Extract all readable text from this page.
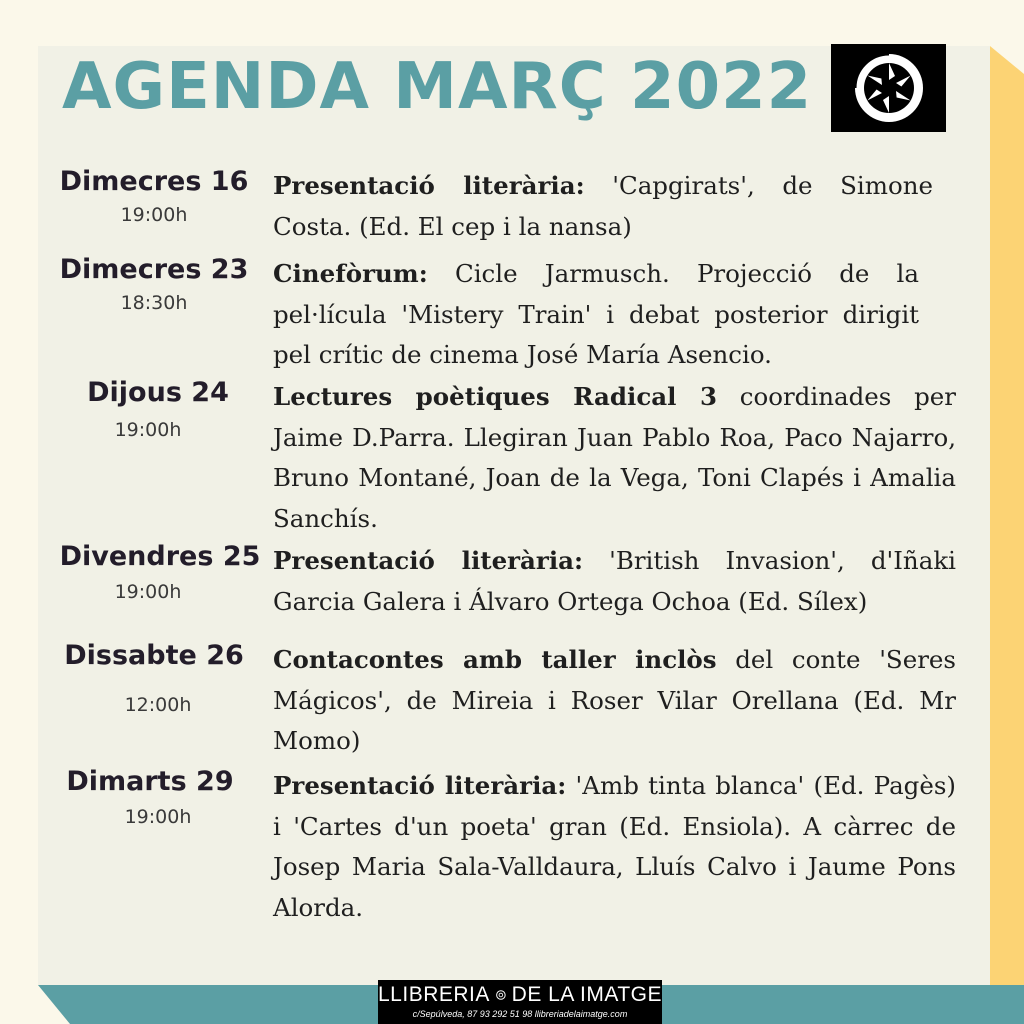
AGENDA MARÇ 2022
Dimecres 16
19:00h
Presentació literària: 'Capgirats', de Simone Costa. (Ed. El cep i la nansa)
Dimecres 23
18:30h
Cinefòrum: Cicle Jarmusch. Projecció de la pel·lícula 'Mistery Train' i debat posterior dirigit pel crític de cinema José María Asencio.
Dijous 24
19:00h
Lectures poètiques Radical 3 coordinades per Jaime D.Parra. Llegiran Juan Pablo Roa, Paco Najarro, Bruno Montané, Joan de la Vega, Toni Clapés i Amalia Sanchís.
Divendres 25
19:00h
Presentació literària: 'British Invasion', d'Iñaki Garcia Galera i Álvaro Ortega Ochoa (Ed. Sílex)
Dissabte 26
12:00h
Contacontes amb taller inclòs del conte 'Seres Mágicos', de Mireia i Roser Vilar Orellana (Ed. Mr Momo)
Dimarts 29
19:00h
Presentació literària: 'Amb tinta blanca' (Ed. Pagès) i 'Cartes d'un poeta' gran (Ed. Ensiola). A càrrec de Josep Maria Sala-Valldaura, Lluís Calvo i Jaume Pons Alorda.
LLIBRERIA DE LA IMATGE
c/Sepúlveda, 87 93 292 51 98 llibreriadelaimatge.com
